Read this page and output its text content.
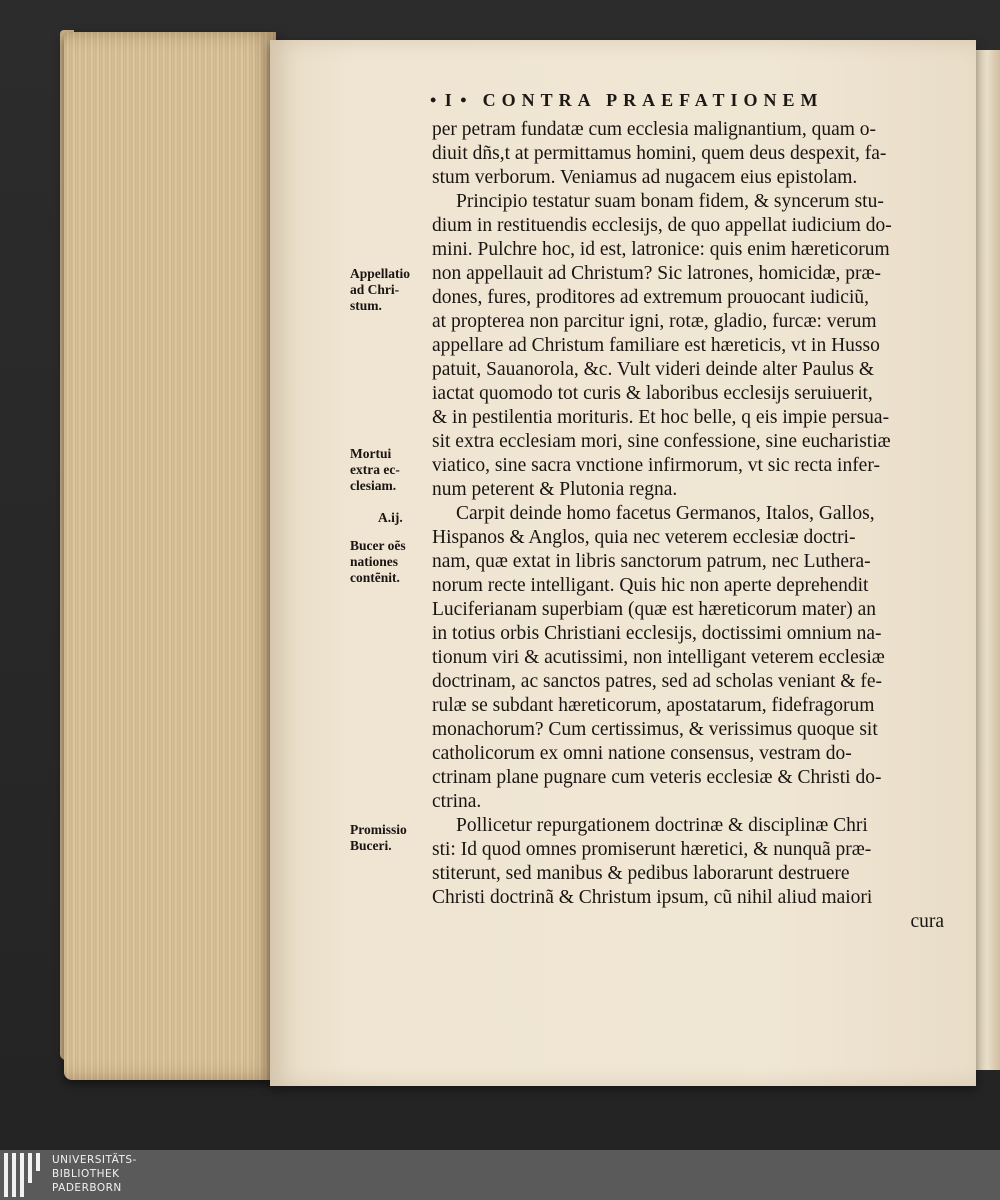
• I • CONTRA PRAEFATIONEM
per petram fundatæ cum ecclesia malignantium, quam o-
diuit dñs,t at permittamus homini, quem deus despexit, fa-
stum verborum. Veniamus ad nugacem eius epistolam.
Principio testatur suam bonam fidem, & syncerum stu-
dium in restituendis ecclesijs, de quo appellat iudicium do-
mini. Pulchre hoc, id est, latronice: quis enim hæreticorum
non appellauit ad Christum? Sic latrones, homicidæ, præ-
dones, fures, proditores ad extremum prouocant iudiciũ,
at propterea non parcitur igni, rotæ, gladio, furcæ: verum
appellare ad Christum familiare est hæreticis, vt in Husso
patuit, Sauanorola, &c. Vult videri deinde alter Paulus &
iactat quomodo tot curis & laboribus ecclesijs seruiuerit,
& in pestilentia morituris. Et hoc belle, q eis impie persua-
sit extra ecclesiam mori, sine confessione, sine eucharistiæ
viatico, sine sacra vnctione infirmorum, vt sic recta infer-
num peterent & Plutonia regna.
Carpit deinde homo facetus Germanos, Italos, Gallos,
Hispanos & Anglos, quia nec veterem ecclesiæ doctri-
nam, quæ extat in libris sanctorum patrum, nec Luthera-
norum recte intelligant. Quis hic non aperte deprehendit
Luciferianam superbiam (quæ est hæreticorum mater) an
in totius orbis Christiani ecclesijs, doctissimi omnium na-
tionum viri & acutissimi, non intelligant veterem ecclesiæ
doctrinam, ac sanctos patres, sed ad scholas veniant & fe-
rulæ se subdant hæreticorum, apostatarum, fidefragorum
monachorum? Cum certissimus, & verissimus quoque sit
catholicorum ex omni natione consensus, vestram do-
ctrinam plane pugnare cum veteris ecclesiæ & Christi do-
ctrina.
Pollicetur repurgationem doctrinæ & disciplinæ Chri
sti: Id quod omnes promiserunt hæretici, & nunquã præ-
stiterunt, sed manibus & pedibus laborarunt destruere
Christi doctrinã & Christum ipsum, cũ nihil aliud maiori
cura
Appellatio
ad Chri-
stum.
Mortui
extra ec-
clesiam.
A.ij.
Bucer oẽs
nationes
contẽnit.
Promissio
Buceri.
UNIVERSITÄTS-
BIBLIOTHEK
PADERBORN
